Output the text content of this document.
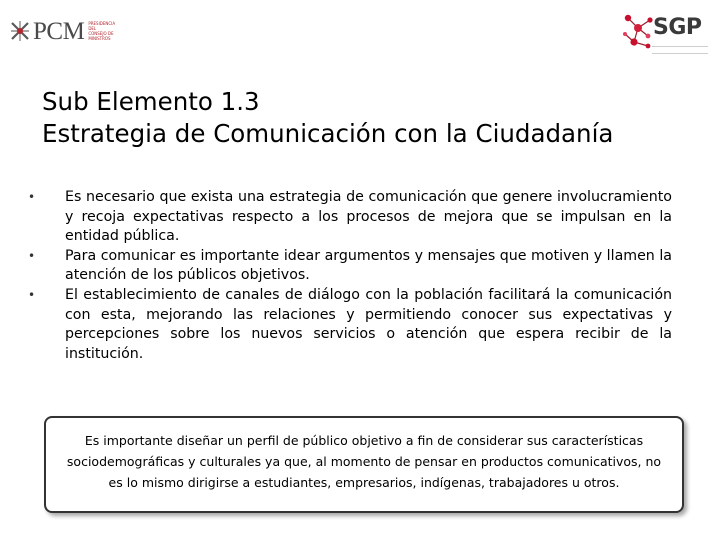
PCM PRESIDENCIA DEL CONSEJO DE MINISTROS	SGP
Sub Elemento 1.3
Estrategia de Comunicación con la Ciudadanía
• Es necesario que exista una estrategia de comunicación que genere involucramiento y recoja expectativas respecto a los procesos de mejora que se impulsan en la entidad pública.
• Para comunicar es importante idear argumentos y mensajes que motiven y llamen la atención de los públicos objetivos.
• El establecimiento de canales de diálogo con la población facilitará la comunicación con esta, mejorando las relaciones y permitiendo conocer sus expectativas y percepciones sobre los nuevos servicios o atención que espera recibir de la institución.
Es importante diseñar un perfil de público objetivo a fin de considerar sus características sociodemográficas y culturales ya que, al momento de pensar en productos comunicativos, no es lo mismo dirigirse a estudiantes, empresarios, indígenas, trabajadores u otros.
